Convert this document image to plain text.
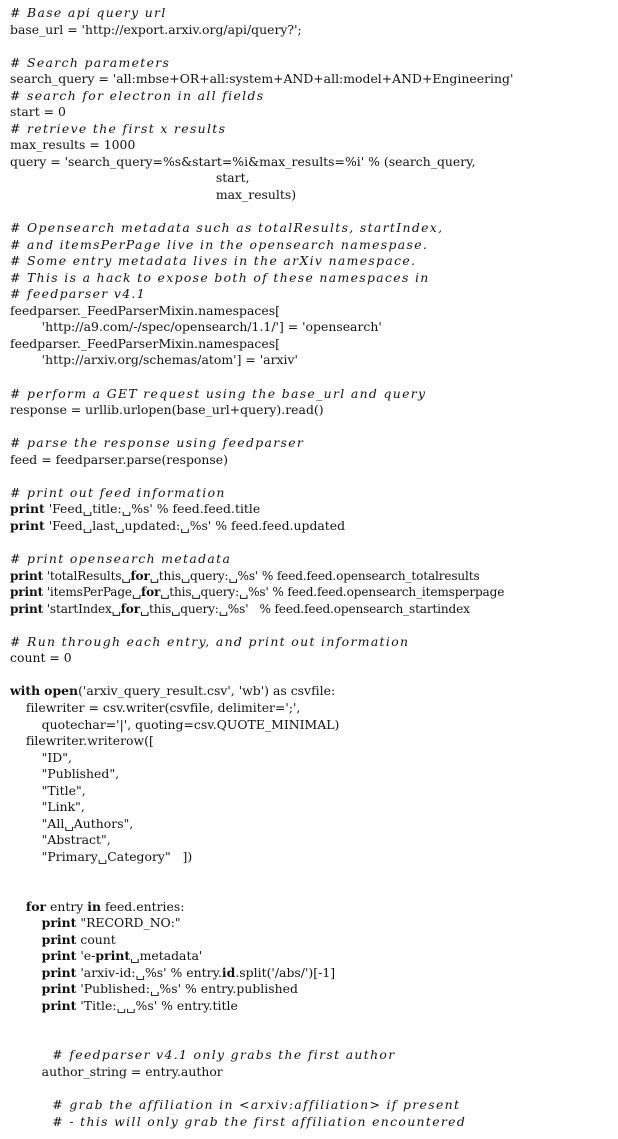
# Base api query url
base_url = 'http://export.arxiv.org/api/query?';
# Search parameters
search_query = 'all:mbse+OR+all:system+AND+all:model+AND+Engineering'
# search for electron in all fields
start = 0
# retrieve the first x results
max_results = 1000
query = 'search_query=%s&start=%i&max_results=%i' % (search_query,
start,
max_results)
# Opensearch metadata such as totalResults, startIndex,
# and itemsPerPage live in the opensearch namespase.
# Some entry metadata lives in the arXiv namespace.
# This is a hack to expose both of these namespaces in
# feedparser v4.1
feedparser._FeedParserMixin.namespaces[
'http://a9.com/-/spec/opensearch/1.1/'] = 'opensearch'
feedparser._FeedParserMixin.namespaces[
'http://arxiv.org/schemas/atom'] = 'arxiv'
# perform a GET request using the base_url and query
response = urllib.urlopen(base_url+query).read()
# parse the response using feedparser
feed = feedparser.parse(response)
# print out feed information
print 'Feed␣title:␣%s' % feed.feed.title
print 'Feed␣last␣updated:␣%s' % feed.feed.updated
# print opensearch metadata
print 'totalResults␣for␣this␣query:␣%s' % feed.feed.opensearch_totalresults
print 'itemsPerPage␣for␣this␣query:␣%s' % feed.feed.opensearch_itemsperpage
print 'startIndex␣for␣this␣query:␣%s'   % feed.feed.opensearch_startindex
# Run through each entry, and print out information
count = 0
with open('arxiv_query_result.csv', 'wb') as csvfile:
filewriter = csv.writer(csvfile, delimiter=';',
quotechar='|', quoting=csv.QUOTE_MINIMAL)
filewriter.writerow([
"ID",
"Published",
"Title",
"Link",
"All␣Authors",
"Abstract",
"Primary␣Category"   ])
for entry in feed.entries:
print "RECORD_NO:"
print count
print 'e-print␣metadata'
print 'arxiv-id:␣%s' % entry.id.split('/abs/')[-1]
print 'Published:␣%s' % entry.published
print 'Title:␣␣%s' % entry.title
# feedparser v4.1 only grabs the first author
author_string = entry.author
# grab the affiliation in <arxiv:affiliation> if present
# - this will only grab the first affiliation encountered
